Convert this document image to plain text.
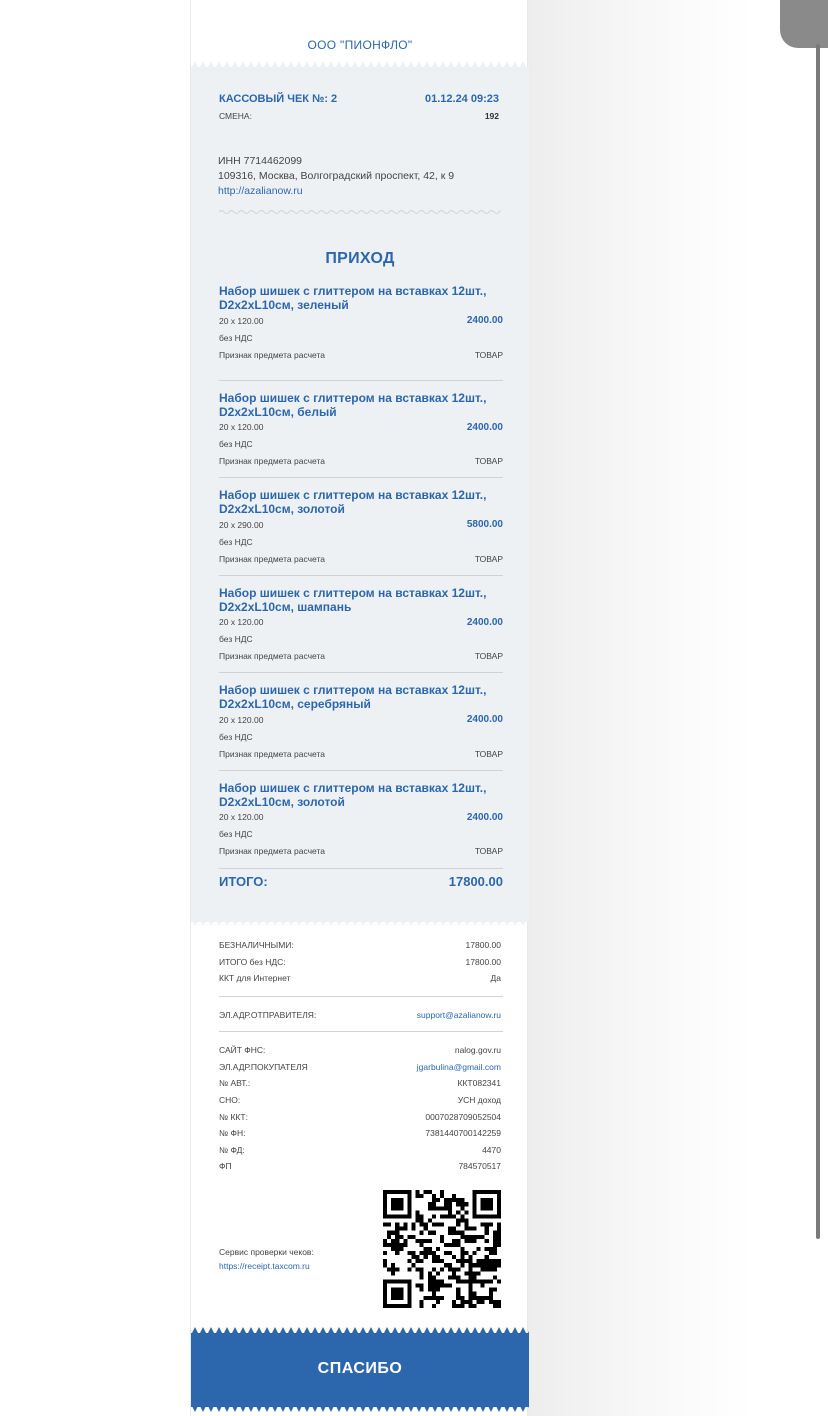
ООО "ПИОНФЛО"
КАССОВЫЙ ЧЕК №: 2	01.12.24 09:23
СМЕНА:	192
ИНН 7714462099
109316, Москва, Волгоградский проспект, 42, к 9
http://azalianow.ru
ПРИХОД
Набор шишек с глиттером на вставках 12шт., D2x2xL10см, зеленый
20 x 120.00	2400.00
без НДС
Признак предмета расчета	ТОВАР
Набор шишек с глиттером на вставках 12шт., D2x2xL10см, белый
20 x 120.00	2400.00
без НДС
Признак предмета расчета	ТОВАР
Набор шишек с глиттером на вставках 12шт., D2x2xL10см, золотой
20 x 290.00	5800.00
без НДС
Признак предмета расчета	ТОВАР
Набор шишек с глиттером на вставках 12шт., D2x2xL10см, шампань
20 x 120.00	2400.00
без НДС
Признак предмета расчета	ТОВАР
Набор шишек с глиттером на вставках 12шт., D2x2xL10см, серебряный
20 x 120.00	2400.00
без НДС
Признак предмета расчета	ТОВАР
Набор шишек с глиттером на вставках 12шт., D2x2xL10см, золотой
20 x 120.00	2400.00
без НДС
Признак предмета расчета	ТОВАР
ИТОГО:	17800.00
БЕЗНАЛИЧНЫМИ:	17800.00
ИТОГО без НДС:	17800.00
ККТ для Интернет	Да
ЭЛ.АДР.ОТПРАВИТЕЛЯ:	support@azalianow.ru
САЙТ ФНС:	nalog.gov.ru
ЭЛ.АДР.ПОКУПАТЕЛЯ	jgarbulina@gmail.com
№ АВТ.:	ККТ082341
СНО:	УСН доход
№ ККТ:	0007028709052504
№ ФН:	7381440700142259
№ ФД:	4470
ФП	784570517
Сервис проверки чеков:
https://receipt.taxcom.ru
СПАСИБО
